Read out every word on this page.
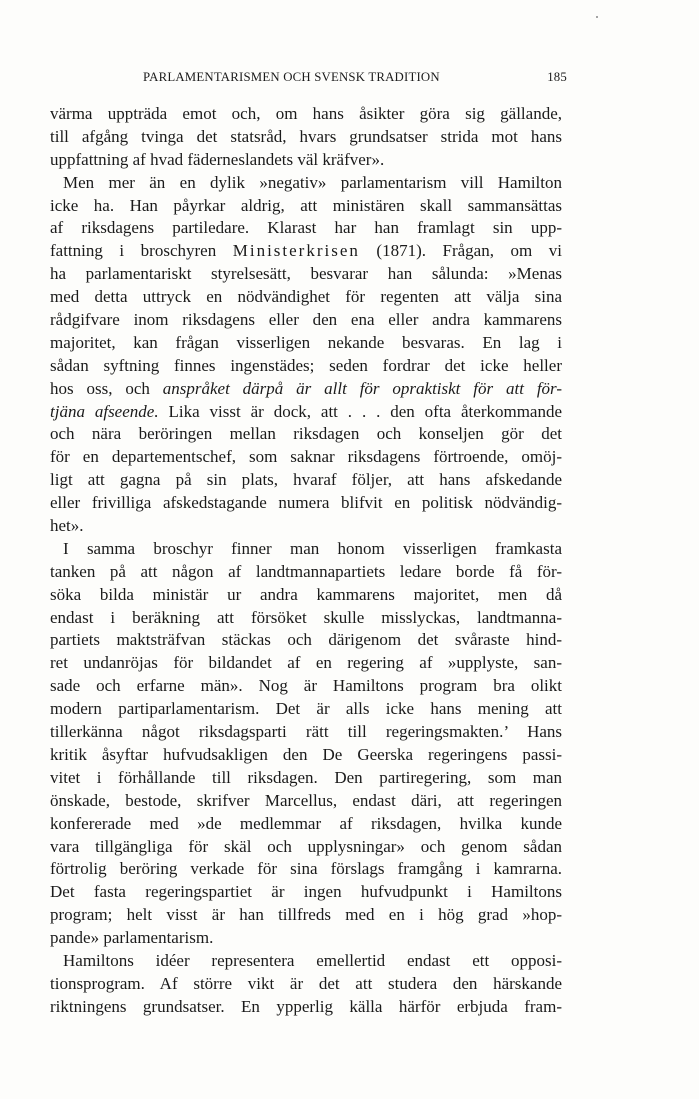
PARLAMENTARISMEN OCH SVENSK TRADITION	185
värma uppträda emot och, om hans åsikter göra sig gällande,
till afgång tvinga det statsråd, hvars grundsatser strida mot hans
uppfattning af hvad fäderneslandets väl kräfver».
Men mer än en dylik »negativ» parlamentarism vill Hamilton
icke ha. Han påyrkar aldrig, att ministären skall sammansättas
af riksdagens partiledare. Klarast har han framlagt sin upp-
fattning i broschyren Ministerkrisen (1871). Frågan, om vi
ha parlamentariskt styrelsesätt, besvarar han sålunda: »Menas
med detta uttryck en nödvändighet för regenten att välja sina
rådgifvare inom riksdagens eller den ena eller andra kammarens
majoritet, kan frågan visserligen nekande besvaras. En lag i
sådan syftning finnes ingenstädes; seden fordrar det icke heller
hos oss, och anspråket därpå är allt för opraktiskt för att för-
tjäna afseende. Lika visst är dock, att . . . den ofta återkommande
och nära beröringen mellan riksdagen och konseljen gör det
för en departementschef, som saknar riksdagens förtroende, omöj-
ligt att gagna på sin plats, hvaraf följer, att hans afskedande
eller frivilliga afskedstagande numera blifvit en politisk nödvändig-
het».
I samma broschyr finner man honom visserligen framkasta
tanken på att någon af landtmannapartiets ledare borde få för-
söka bilda ministär ur andra kammarens majoritet, men då
endast i beräkning att försöket skulle misslyckas, landtmanna-
partiets maktsträfvan stäckas och därigenom det svåraste hind-
ret undanröjas för bildandet af en regering af »upplyste, san-
sade och erfarne män». Nog är Hamiltons program bra olikt
modern partiparlamentarism. Det är alls icke hans mening att
tillerkänna något riksdagsparti rätt till regeringsmakten.’ Hans
kritik åsyftar hufvudsakligen den De Geerska regeringens passi-
vitet i förhållande till riksdagen. Den partiregering, som man
önskade, bestode, skrifver Marcellus, endast däri, att regeringen
konfererade med »de medlemmar af riksdagen, hvilka kunde
vara tillgängliga för skäl och upplysningar» och genom sådan
förtrolig beröring verkade för sina förslags framgång i kamrarna.
Det fasta regeringspartiet är ingen hufvudpunkt i Hamiltons
program; helt visst är han tillfreds med en i hög grad »hop-
pande» parlamentarism.
Hamiltons idéer representera emellertid endast ett opposi-
tionsprogram. Af större vikt är det att studera den härskande
riktningens grundsatser. En ypperlig källa härför erbjuda fram-
